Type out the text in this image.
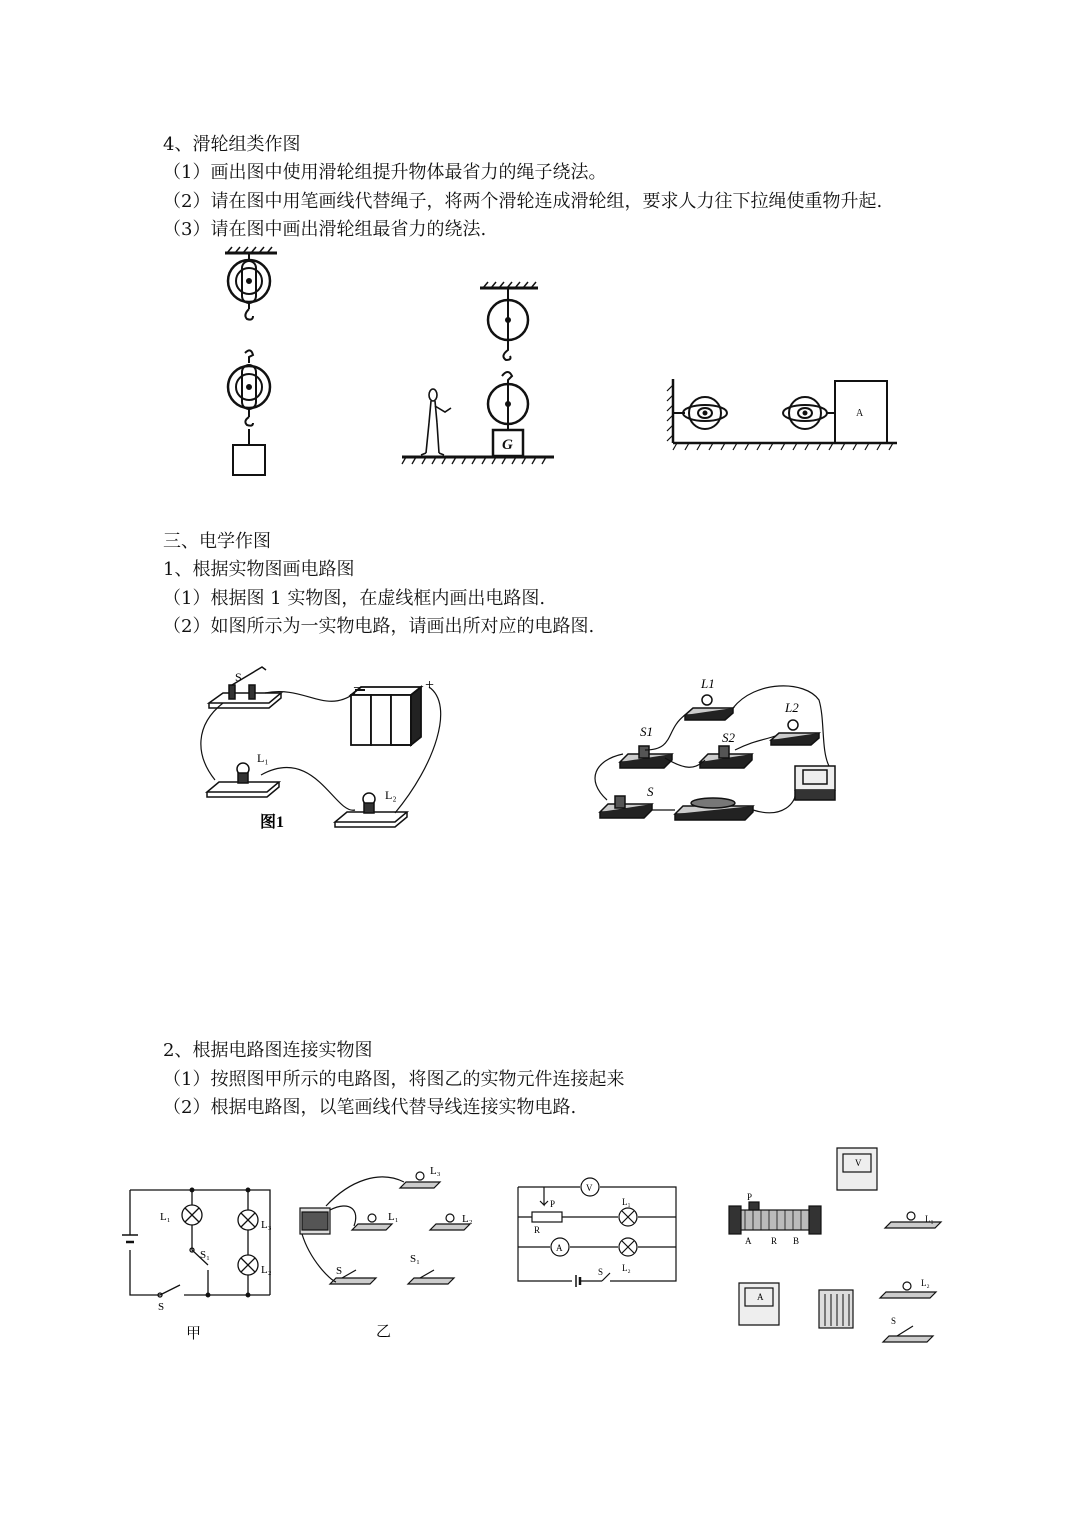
4、滑轮组类作图
（1）画出图中使用滑轮组提升物体最省力的绳子绕法。
（2）请在图中用笔画线代替绳子，将两个滑轮连成滑轮组，要求人力往下拉绳使重物升起.
（3）请在图中画出滑轮组最省力的绕法.
G
A
三、电学作图
1、根据实物图画电路图
（1）根据图 1 实物图，在虚线框内画出电路图.
（2）如图所示为一实物电路，请画出所对应的电路图.
S
−	+
L₁
L₂
图1
L1
L2
S1	S2
S
2、根据电路图连接实物图
（1）按照图甲所示的电路图，将图乙的实物元件连接起来
（2）根据电路图，以笔画线代替导线连接实物电路.
L₁
L₃
S₁
L₂
S
甲
L₃
L₁	L₂
S₁
S
乙
V
A
P
R
L₁
L₂
S
V
P
A R B
L₁
A
L₂
S
